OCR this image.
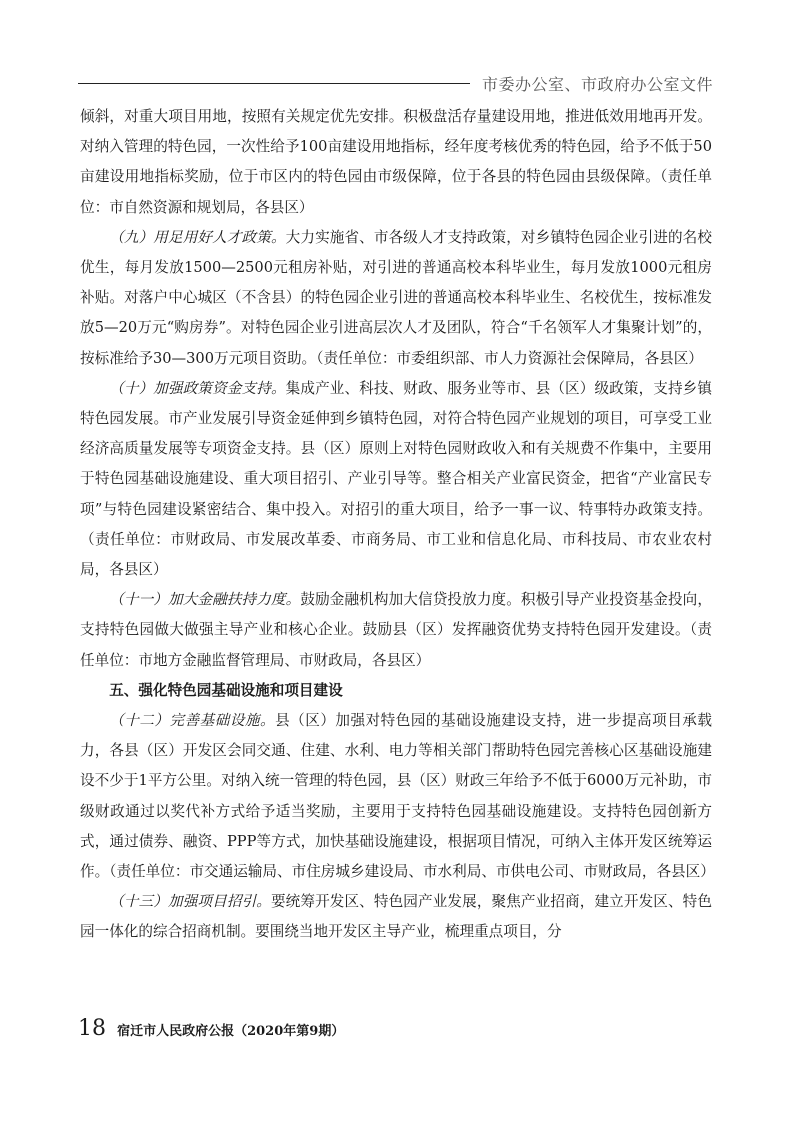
市委办公室、市政府办公室文件

倾斜，对重大项目用地，按照有关规定优先安排。积极盘活存量建设用地，推进低效用地再开发。对纳入管理的特色园，一次性给予100亩建设用地指标，经年度考核优秀的特色园，给予不低于50亩建设用地指标奖励，位于市区内的特色园由市级保障，位于各县的特色园由县级保障。（责任单位：市自然资源和规划局，各县区）

（九）用足用好人才政策。大力实施省、市各级人才支持政策，对乡镇特色园企业引进的名校优生，每月发放1500—2500元租房补贴，对引进的普通高校本科毕业生，每月发放1000元租房补贴。对落户中心城区（不含县）的特色园企业引进的普通高校本科毕业生、名校优生，按标准发放5—20万元“购房券”。对特色园企业引进高层次人才及团队，符合“千名领军人才集聚计划”的，按标准给予30—300万元项目资助。（责任单位：市委组织部、市人力资源社会保障局，各县区）

（十）加强政策资金支持。集成产业、科技、财政、服务业等市、县（区）级政策，支持乡镇特色园发展。市产业发展引导资金延伸到乡镇特色园，对符合特色园产业规划的项目，可享受工业经济高质量发展等专项资金支持。县（区）原则上对特色园财政收入和有关规费不作集中，主要用于特色园基础设施建设、重大项目招引、产业引导等。整合相关产业富民资金，把省“产业富民专项”与特色园建设紧密结合、集中投入。对招引的重大项目，给予一事一议、特事特办政策支持。（责任单位：市财政局、市发展改革委、市商务局、市工业和信息化局、市科技局、市农业农村局，各县区）

（十一）加大金融扶持力度。鼓励金融机构加大信贷投放力度。积极引导产业投资基金投向，支持特色园做大做强主导产业和核心企业。鼓励县（区）发挥融资优势支持特色园开发建设。（责任单位：市地方金融监督管理局、市财政局，各县区）

五、强化特色园基础设施和项目建设

（十二）完善基础设施。县（区）加强对特色园的基础设施建设支持，进一步提高项目承载力，各县（区）开发区会同交通、住建、水利、电力等相关部门帮助特色园完善核心区基础设施建设不少于1平方公里。对纳入统一管理的特色园，县（区）财政三年给予不低于6000万元补助，市级财政通过以奖代补方式给予适当奖励，主要用于支持特色园基础设施建设。支持特色园创新方式，通过债券、融资、PPP等方式，加快基础设施建设，根据项目情况，可纳入主体开发区统筹运作。（责任单位：市交通运输局、市住房城乡建设局、市水利局、市供电公司、市财政局，各县区）

（十三）加强项目招引。要统筹开发区、特色园产业发展，聚焦产业招商，建立开发区、特色园一体化的综合招商机制。要围绕当地开发区主导产业，梳理重点项目，分

18 宿迁市人民政府公报（2020年第9期）
